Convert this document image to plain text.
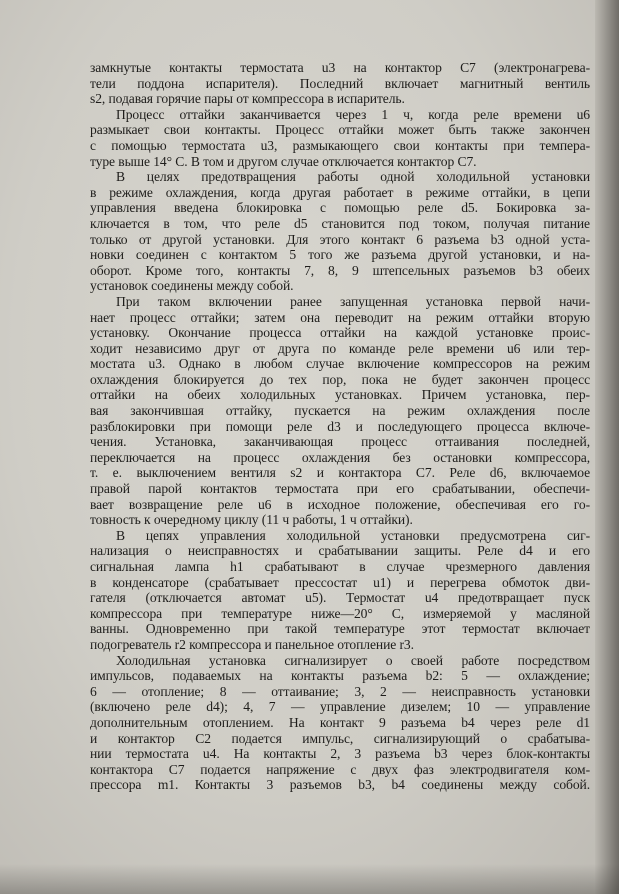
замкнутые контакты термостата u3 на контактор С7 (электронагрева-
тели поддона испарителя). Последний включает магнитный вентиль
s2, подавая горячие пары от компрессора в испаритель.
Процесс оттайки заканчивается через 1 ч, когда реле времени u6
размыкает свои контакты. Процесс оттайки может быть также закончен
с помощью термостата u3, размыкающего свои контакты при темпера-
туре выше 14° С. В том и другом случае отключается контактор С7.
В целях предотвращения работы одной холодильной установки
в режиме охлаждения, когда другая работает в режиме оттайки, в цепи
управления введена блокировка с помощью реле d5. Бокировка за-
ключается в том, что реле d5 становится под током, получая питание
только от другой установки. Для этого контакт 6 разъема b3 одной уста-
новки соединен с контактом 5 того же разъема другой установки, и на-
оборот. Кроме того, контакты 7, 8, 9 штепсельных разъемов b3 обеих
установок соединены между собой.
При таком включении ранее запущенная установка первой начи-
нает процесс оттайки; затем она переводит на режим оттайки вторую
установку. Окончание процесса оттайки на каждой установке проис-
ходит независимо друг от друга по команде реле времени u6 или тер-
мостата u3. Однако в любом случае включение компрессоров на режим
охлаждения блокируется до тех пор, пока не будет закончен процесс
оттайки на обеих холодильных установках. Причем установка, пер-
вая закончившая оттайку, пускается на режим охлаждения после
разблокировки при помощи реле d3 и последующего процесса включе-
чения. Установка, заканчивающая процесс оттаивания последней,
переключается на процесс охлаждения без остановки компрессора,
т. е. выключением вентиля s2 и контактора С7. Реле d6, включаемое
правой парой контактов термостата при его срабатывании, обеспечи-
вает возвращение реле u6 в исходное положение, обеспечивая его го-
товность к очередному циклу (11 ч работы, 1 ч оттайки).
В цепях управления холодильной установки предусмотрена сиг-
нализация о неисправностях и срабатывании защиты. Реле d4 и его
сигнальная лампа h1 срабатывают в случае чрезмерного давления
в конденсаторе (срабатывает прессостат u1) и перегрева обмоток дви-
гателя (отключается автомат u5). Термостат u4 предотвращает пуск
компрессора при температуре ниже—20° С, измеряемой у масляной
ванны. Одновременно при такой температуре этот термостат включает
подогреватель r2 компрессора и панельное отопление r3.
Холодильная установка сигнализирует о своей работе посредством
импульсов, подаваемых на контакты разъема b2: 5 — охлаждение;
6 — отопление; 8 — оттаивание; 3, 2 — неисправность установки
(включено реле d4); 4, 7 — управление дизелем; 10 — управление
дополнительным отоплением. На контакт 9 разъема b4 через реле d1
и контактор С2 подается импульс, сигнализирующий о срабатыва-
нии термостата u4. На контакты 2, 3 разъема b3 через блок-контакты
контактора С7 подается напряжение с двух фаз электродвигателя ком-
прессора m1. Контакты 3 разъемов b3, b4 соединены между собой.
